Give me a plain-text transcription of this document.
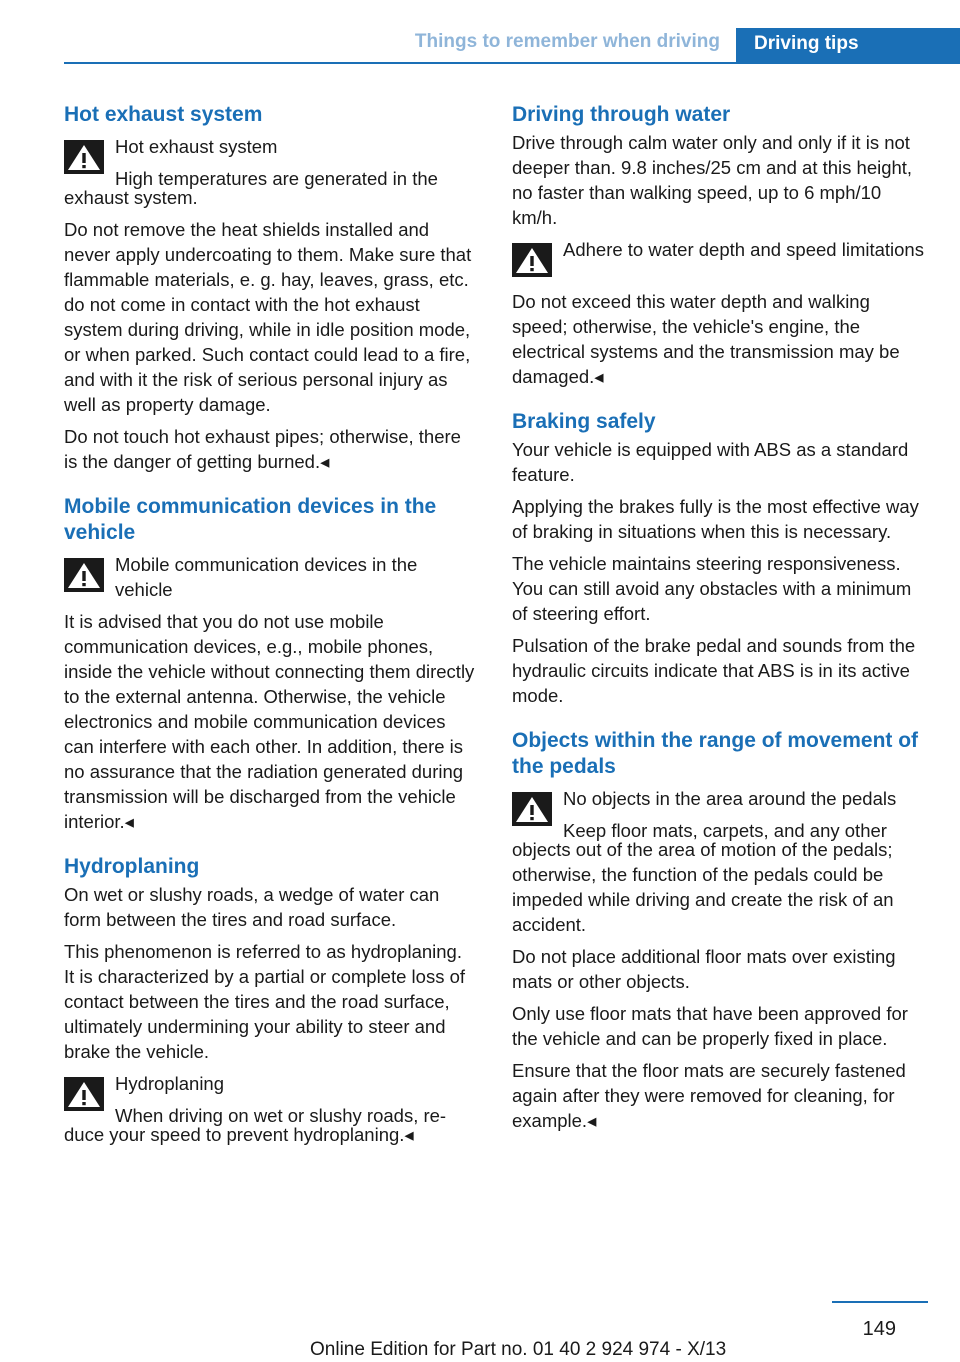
Things to remember when driving	Driving tips
Hot exhaust system
Hot exhaust system
High temperatures are generated in the

exhaust system.

Do not remove the heat shields installed and never apply undercoating to them. Make sure that flammable materials, e. g. hay, leaves, grass, etc. do not come in contact with the hot exhaust system during driving, while in idle position mode, or when parked. Such contact could lead to a fire, and with it the risk of serious personal injury as well as property damage.

Do not touch hot exhaust pipes; otherwise, there is the danger of getting burned.◂

Mobile communication devices in the vehicle
Mobile communication devices in the vehicle

It is advised that you do not use mobile communication devices, e.g., mobile phones, inside the vehicle without connecting them directly to the external antenna. Otherwise, the vehicle electronics and mobile communication devices can interfere with each other. In addition, there is no assurance that the radiation generated during transmission will be discharged from the vehicle interior.◂

Hydroplaning

On wet or slushy roads, a wedge of water can form between the tires and road surface.

This phenomenon is referred to as hydroplaning. It is characterized by a partial or complete loss of contact between the tires and the road surface, ultimately undermining your ability to steer and brake the vehicle.

Hydroplaning
When driving on wet or slushy roads, re-

duce your speed to prevent hydroplaning.◂

Driving through water

Drive through calm water only and only if it is not deeper than. 9.8 inches/25 cm and at this height, no faster than walking speed, up to 6 mph/10 km/h.

Adhere to water depth and speed limitations

Do not exceed this water depth and walking speed; otherwise, the vehicle's engine, the electrical systems and the transmission may be damaged.◂

Braking safely

Your vehicle is equipped with ABS as a standard feature.

Applying the brakes fully is the most effective way of braking in situations when this is necessary.

The vehicle maintains steering responsiveness. You can still avoid any obstacles with a minimum of steering effort.

Pulsation of the brake pedal and sounds from the hydraulic circuits indicate that ABS is in its active mode.

Objects within the range of movement of the pedals
No objects in the area around the pedals
Keep floor mats, carpets, and any other

objects out of the area of motion of the pedals; otherwise, the function of the pedals could be impeded while driving and create the risk of an accident.

Do not place additional floor mats over existing mats or other objects.

Only use floor mats that have been approved for the vehicle and can be properly fixed in place.

Ensure that the floor mats are securely fastened again after they were removed for cleaning, for example.◂

149
Online Edition for Part no. 01 40 2 924 974 - X/13
